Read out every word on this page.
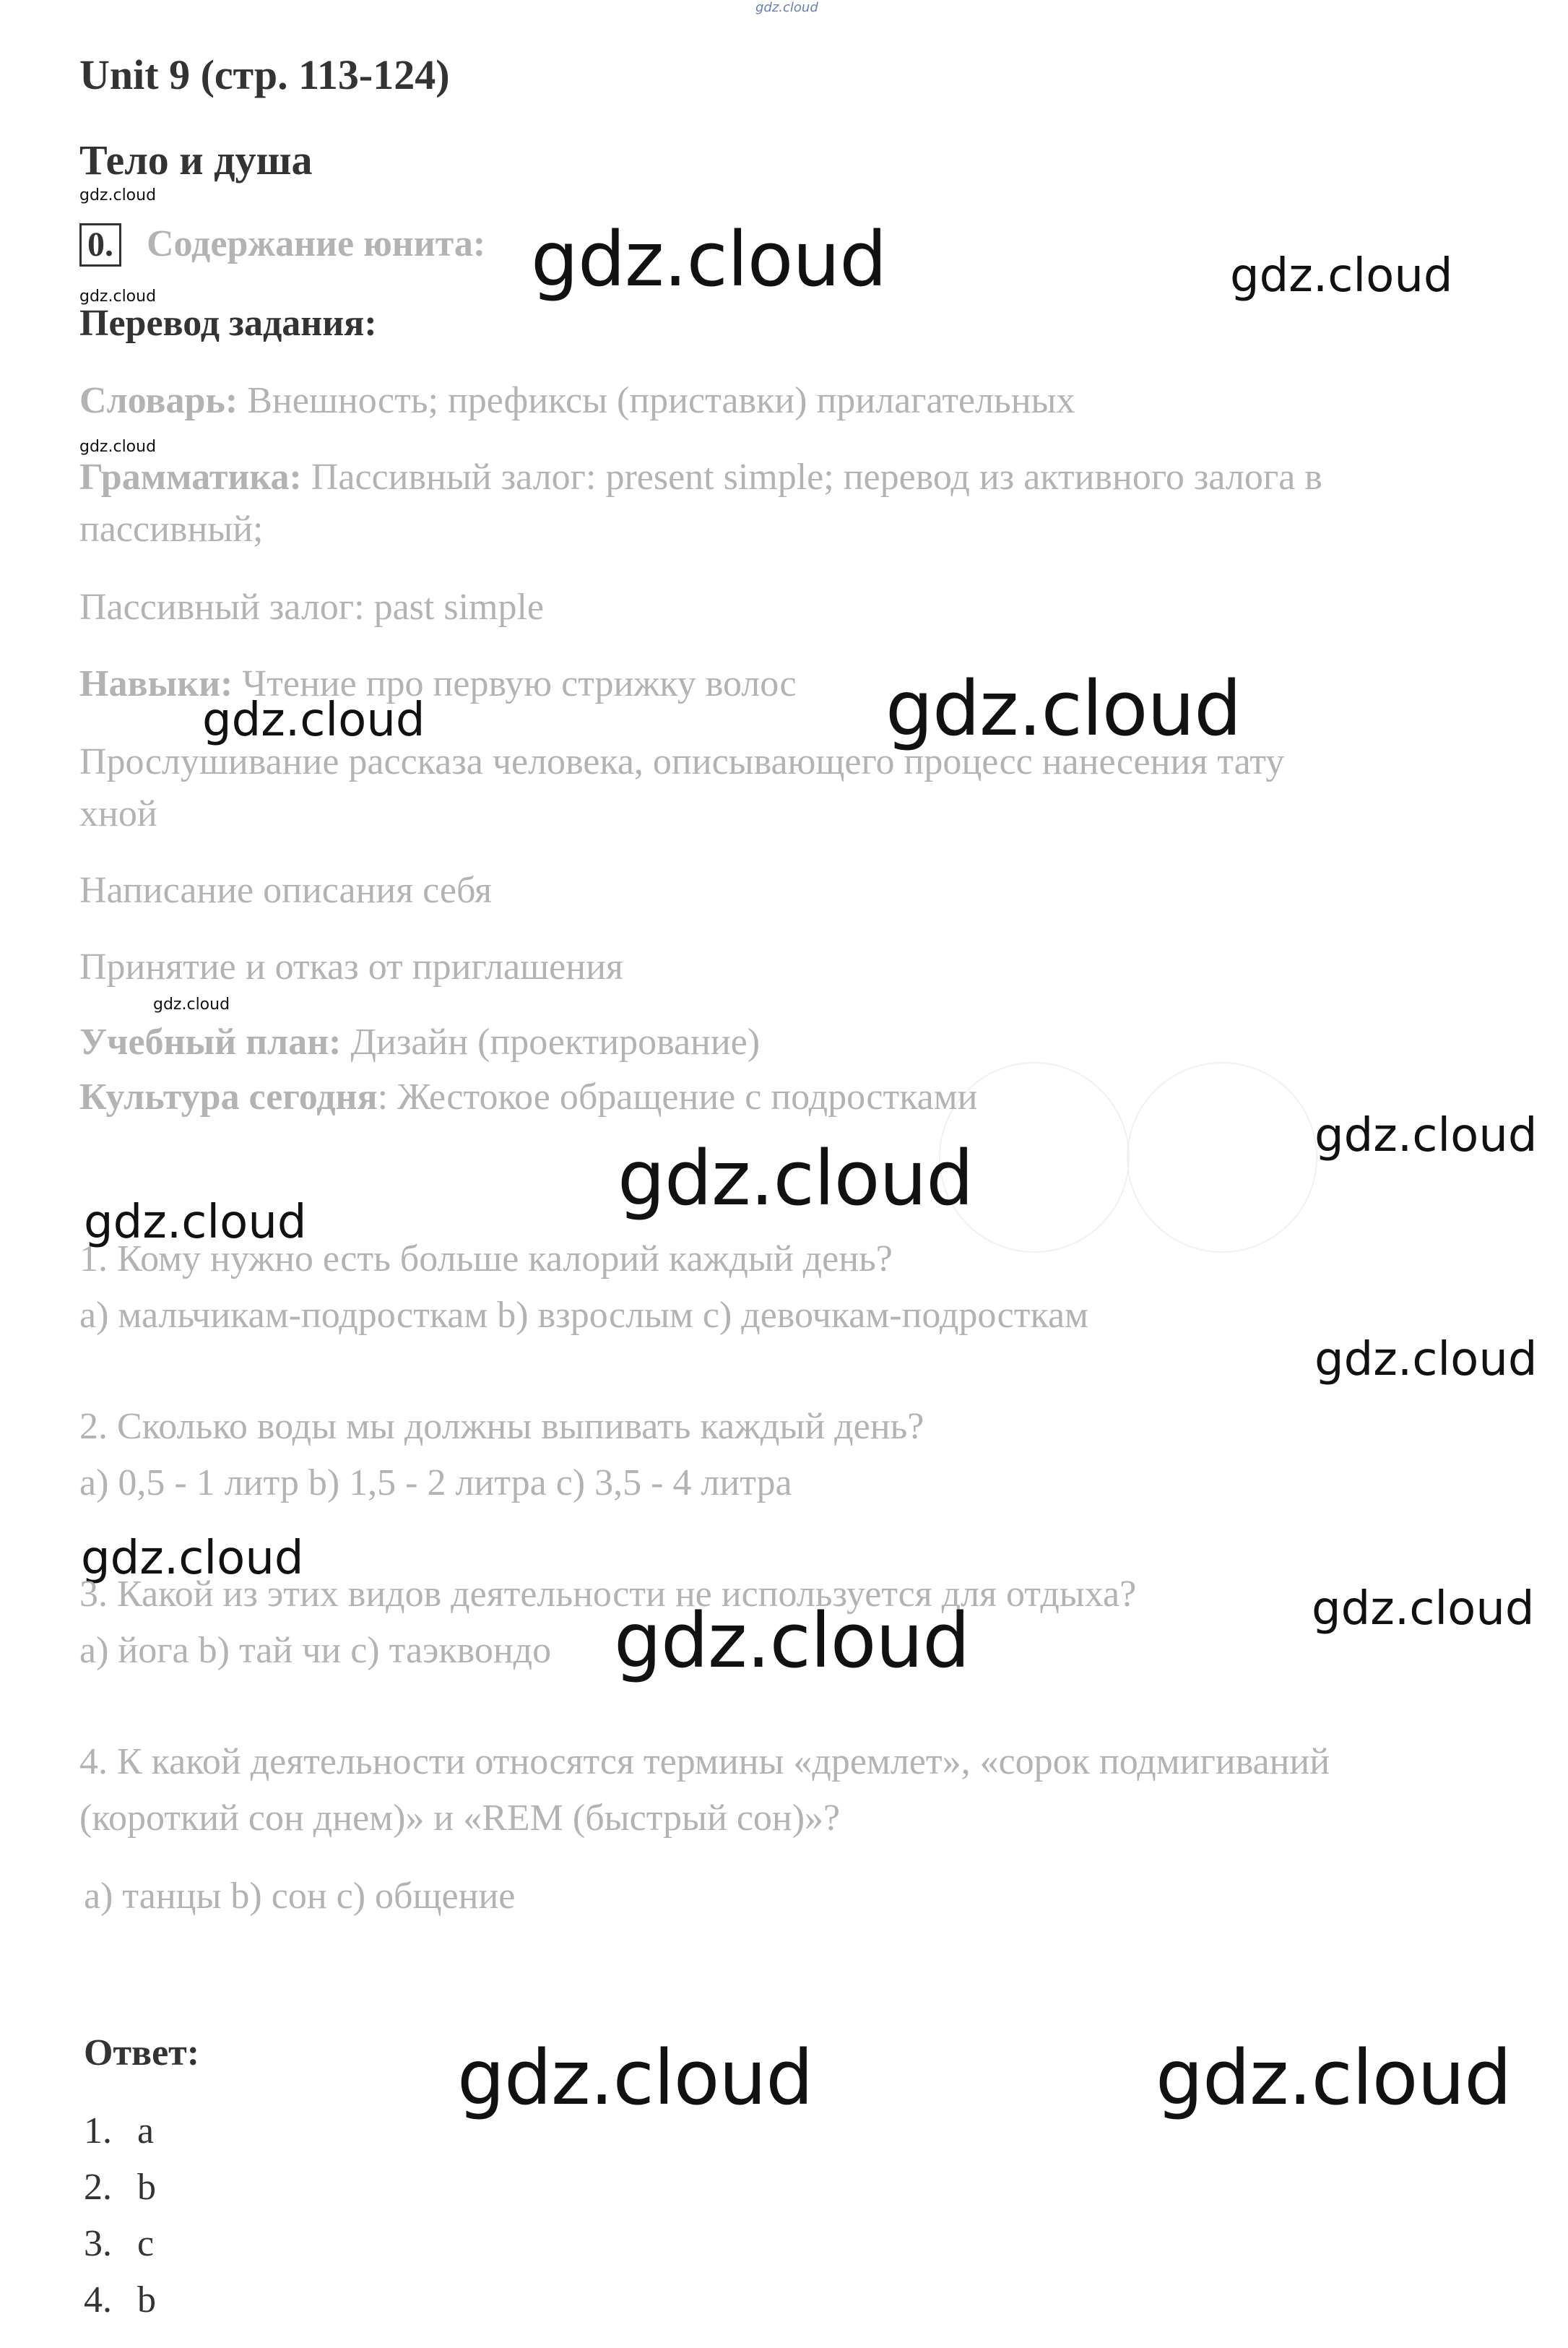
gdz.cloud
Unit 9 (стр. 113-124)
Тело и душа
gdz.cloud
0. Содержание юнита: gdz.cloud	gdz.cloud
gdz.cloud
Перевод задания:
Словарь: Внешность; префиксы (приставки) прилагательных
gdz.cloud
Грамматика: Пассивный залог: present simple; перевод из активного залога в
пассивный;
Пассивный залог: past simple
Навыки: Чтение про первую стрижку волос gdz.cloud
gdz.cloud
Прослушивание рассказа человека, описывающего процесс нанесения тату
хной
Написание описания себя
Принятие и отказ от приглашения
gdz.cloud
Учебный план: Дизайн (проектирование)
Культура сегодня: Жестокое обращение с подростками
gdz.cloud
gdz.cloud
gdz.cloud
1. Кому нужно есть больше калорий каждый день?
a) мальчикам-подросткам b) взрослым c) девочкам-подросткам
gdz.cloud
2. Сколько воды мы должны выпивать каждый день?
a) 0,5 - 1 литр b) 1,5 - 2 литра c) 3,5 - 4 литра
gdz.cloud
3. Какой из этих видов деятельности не используется для отдыха?	gdz.cloud
a) йога b) тай чи c) таэквондо gdz.cloud
4. К какой деятельности относятся термины «дремлет», «сорок подмигиваний
(короткий сон днем)» и «REM (быстрый сон)»?
a) танцы b) сон c) общение
Ответ:	gdz.cloud	gdz.cloud
1. a
2. b
3. c
4. b
